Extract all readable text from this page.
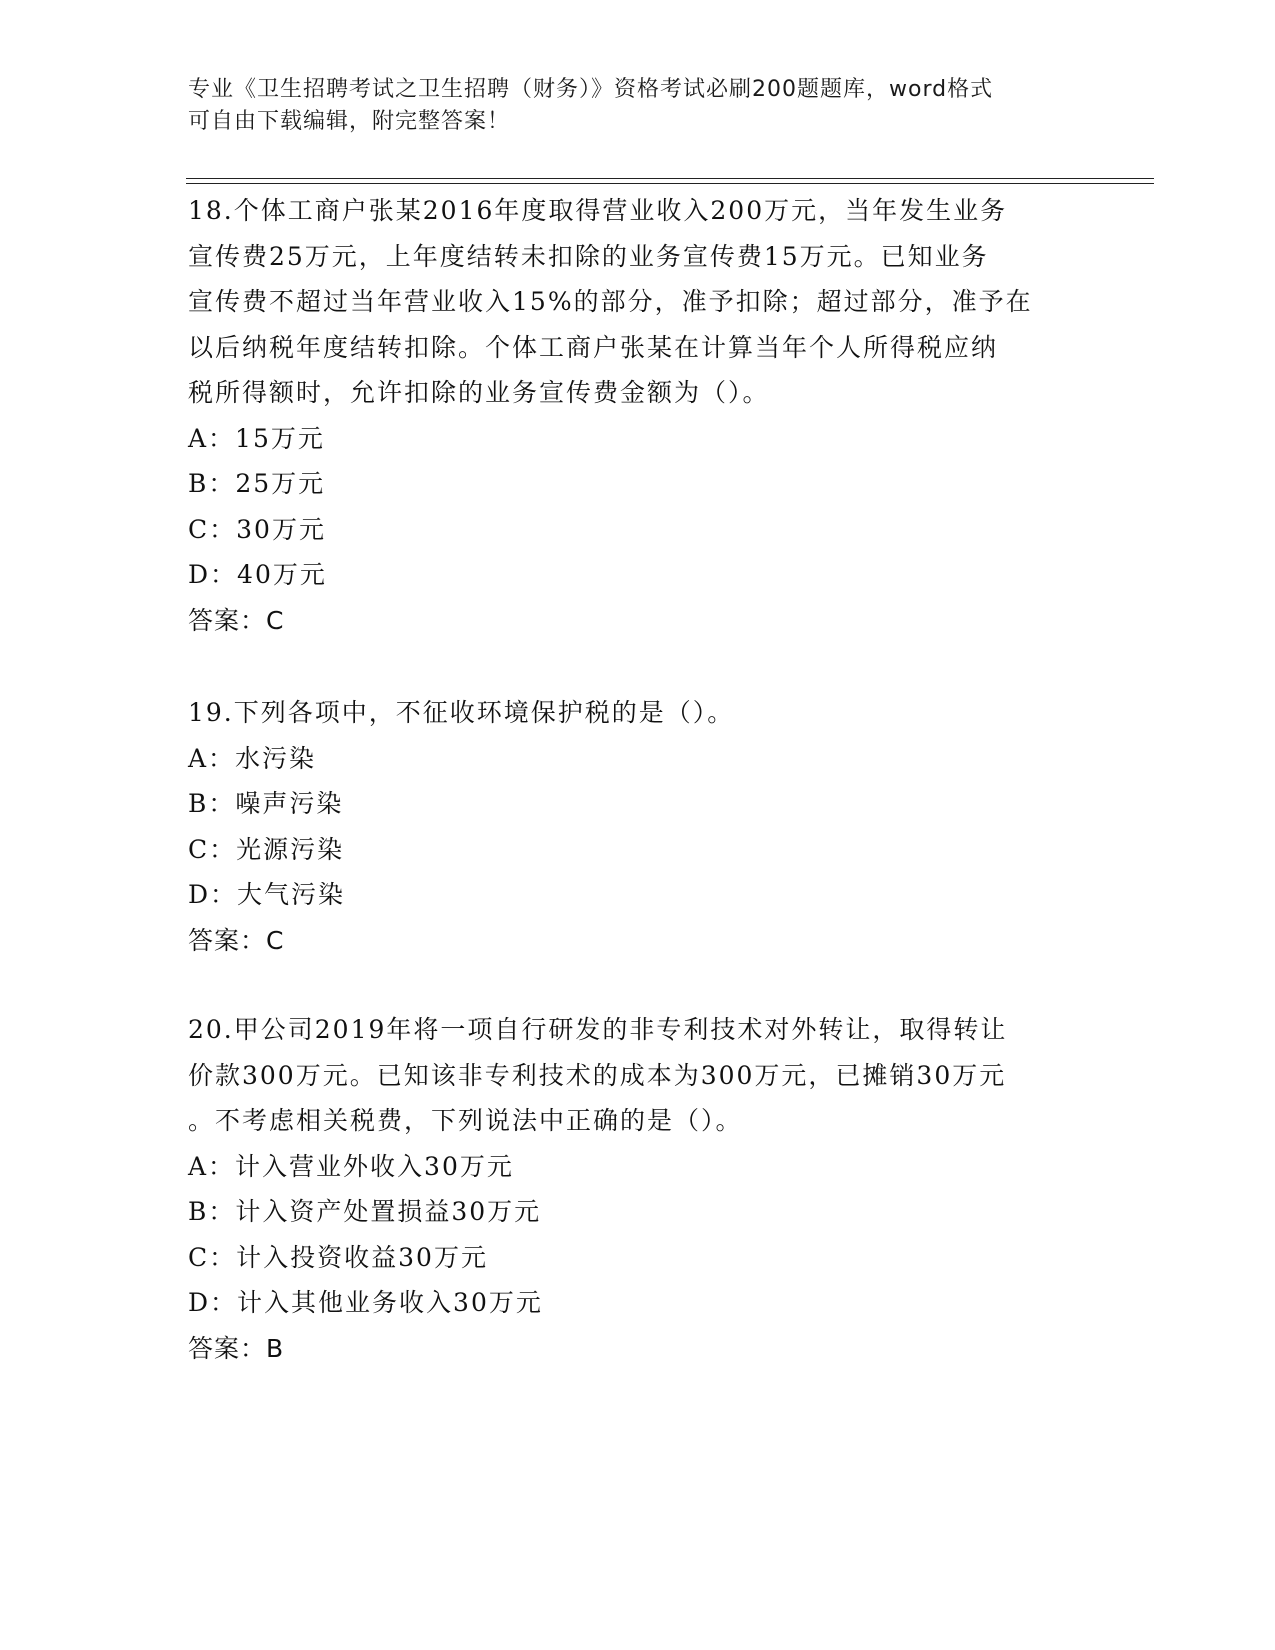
专业《卫生招聘考试之卫生招聘（财务）》资格考试必刷200题题库，word格式
可自由下载编辑，附完整答案！

18.个体工商户张某2016年度取得营业收入200万元，当年发生业务

宣传费25万元，上年度结转未扣除的业务宣传费15万元。已知业务

宣传费不超过当年营业收入15%的部分，准予扣除；超过部分，准予在

以后纳税年度结转扣除。个体工商户张某在计算当年个人所得税应纳

税所得额时，允许扣除的业务宣传费金额为（）。

A：15万元

B：25万元

C：30万元

D：40万元

答案：C

19.下列各项中，不征收环境保护税的是（）。

A：水污染

B：噪声污染

C：光源污染

D：大气污染

答案：C

20.甲公司2019年将一项自行研发的非专利技术对外转让，取得转让

价款300万元。已知该非专利技术的成本为300万元，已摊销30万元

。不考虑相关税费，下列说法中正确的是（）。

A：计入营业外收入30万元

B：计入资产处置损益30万元

C：计入投资收益30万元

D：计入其他业务收入30万元

答案：B
